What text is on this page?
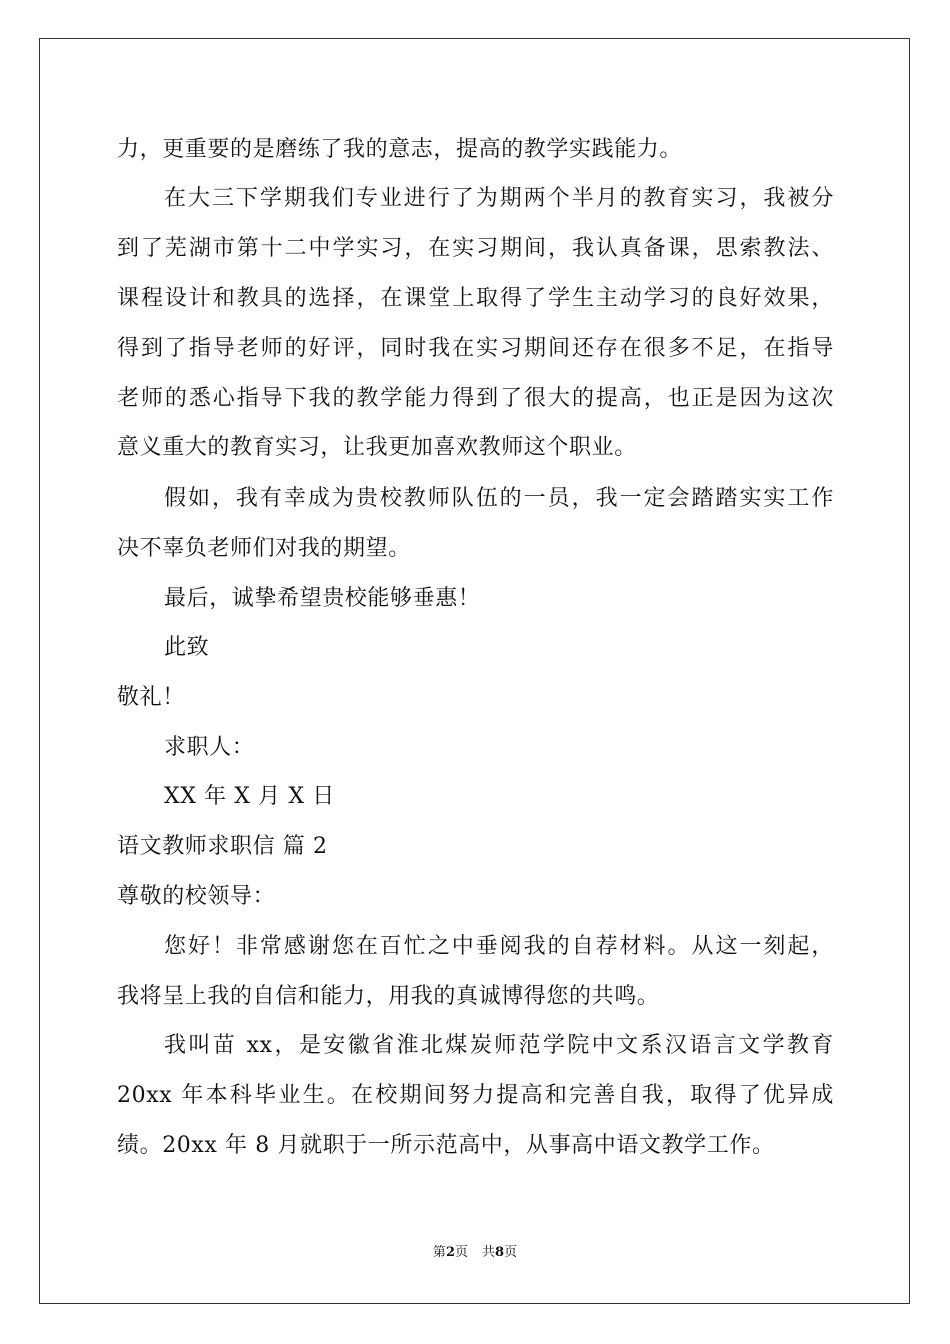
力，更重要的是磨练了我的意志，提高的教学实践能力。
在大三下学期我们专业进行了为期两个半月的教育实习，我被分
到了芜湖市第十二中学实习，在实习期间，我认真备课，思索教法、
课程设计和教具的选择，在课堂上取得了学生主动学习的良好效果，
得到了指导老师的好评，同时我在实习期间还存在很多不足，在指导
老师的悉心指导下我的教学能力得到了很大的提高，也正是因为这次
意义重大的教育实习，让我更加喜欢教师这个职业。
假如，我有幸成为贵校教师队伍的一员，我一定会踏踏实实工作
决不辜负老师们对我的期望。
最后，诚挚希望贵校能够垂惠！
此致
敬礼！
求职人：
XX 年 X 月 X 日
语文教师求职信 篇 2
尊敬的校领导：
您好！非常感谢您在百忙之中垂阅我的自荐材料。从这一刻起，
我将呈上我的自信和能力，用我的真诚博得您的共鸣。
我叫苗 xx，是安徽省淮北煤炭师范学院中文系汉语言文学教育
20xx 年本科毕业生。在校期间努力提高和完善自我，取得了优异成
绩。20xx 年 8 月就职于一所示范高中，从事高中语文教学工作。
第2页 共8页
